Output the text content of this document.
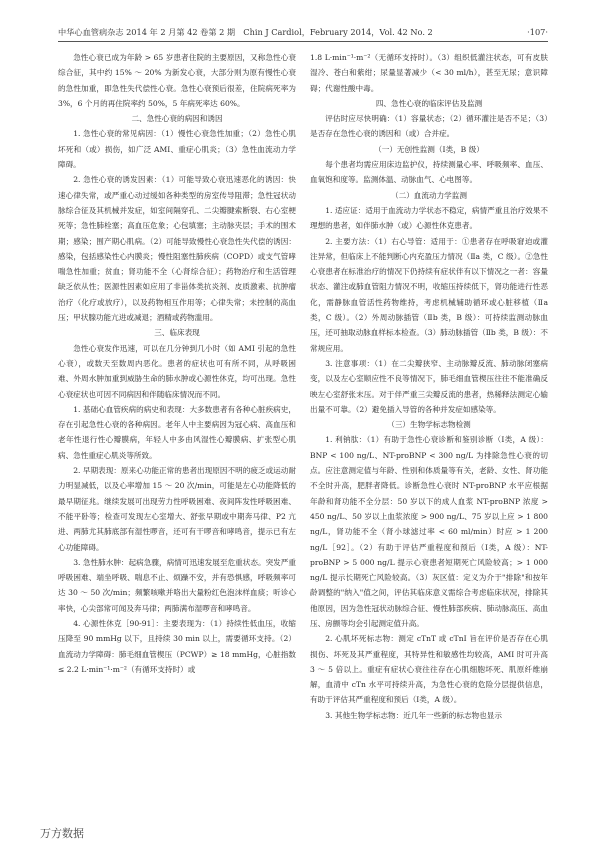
中华心血管病杂志 2014 年 2 月第 42 卷第 2 期　Chin J Cardiol，February 2014，Vol. 42 No. 2	·107·

急性心衰已成为年龄 > 65 岁患者住院的主要原因，又称急性心衰综合征，其中约 15% ～ 20% 为新发心衰，大部分则为原有慢性心衰的急性加重，即急性失代偿性心衰。急性心衰预后很差，住院病死率为 3%，6 个月的再住院率约 50%，5 年病死率达 60%。

二、急性心衰的病因和诱因

1. 急性心衰的常见病因：（1）慢性心衰急性加重；（2）急性心肌坏死和（或）损伤，如广泛 AMI、重症心肌炎；（3）急性血流动力学障碍。

2. 急性心衰的诱发因素：（1）可能导致心衰迅速恶化的诱因：快速心律失常，或严重心动过缓如各种类型的房室传导阻滞；急性冠状动脉综合征及其机械并发症，如室间隔穿孔、二尖瓣腱索断裂、右心室梗死等；急性肺栓塞；高血压危象；心包填塞；主动脉夹层；手术的围术期；感染；围产期心肌病。（2）可能导致慢性心衰急性失代偿的诱因：感染，包括感染性心内膜炎；慢性阻塞性肺疾病（COPD）或支气管哮喘急性加重；贫血；肾功能不全（心肾综合征）；药物治疗和生活管理缺乏依从性；医源性因素如应用了非甾体类抗炎剂、皮质激素、抗肿瘤治疗（化疗或放疗），以及药物相互作用等；心律失常；未控制的高血压；甲状腺功能亢进或减退；酒精或药物滥用。

三、临床表现

急性心衰发作迅速，可以在几分钟到几小时（如 AMI 引起的急性心衰），或数天至数周内恶化。患者的症状也可有所不同，从呼吸困难、外周水肿加重到威胁生命的肺水肿或心源性休克，均可出现。急性心衰症状也可因不同病因和伴随临床情况而不同。

1. 基础心血管疾病的病史和表现：大多数患者有各种心脏疾病史，存在引起急性心衰的各种病因。老年人中主要病因为冠心病、高血压和老年性退行性心瓣膜病，年轻人中多由风湿性心瓣膜病、扩张型心肌病、急性重症心肌炎等所致。

2. 早期表现：原来心功能正常的患者出现原因不明的疲乏或运动耐力明显减低，以及心率增加 15 ～ 20 次/min，可能是左心功能降低的最早期征兆。继续发展可出现劳力性呼吸困难、夜间阵发性呼吸困难、不能平卧等；检查可发现左心室增大、舒张早期或中期奔马律、P2 亢进、两肺尤其肺底部有湿性啰音，还可有干啰音和哮鸣音，提示已有左心功能障碍。

3. 急性肺水肿：起病急骤，病情可迅速发展至危重状态。突发严重呼吸困难、端坐呼吸、喘息不止、烦躁不安，并有恐惧感，呼吸频率可达 30 ～ 50 次/min；频繁咳嗽并咯出大量粉红色泡沫样血痰；听诊心率快，心尖部常可闻及奔马律；两肺满布湿啰音和哮鸣音。

4. 心源性休克［90-91］：主要表现为：（1）持续性低血压，收缩压降至 90 mmHg 以下，且持续 30 min 以上，需要循环支持。（2）血流动力学障碍：肺毛细血管楔压（PCWP）≥ 18 mmHg，心脏指数 ≤ 2.2 L·min⁻¹·m⁻²（有循环支持时）或

1.8 L·min⁻¹·m⁻²（无循环支持时）。（3）组织低灌注状态，可有皮肤湿冷、苍白和紫绀；尿量显著减少（< 30 ml/h），甚至无尿；意识障碍；代谢性酸中毒。

四、急性心衰的临床评估及监测

评估时应尽快明确：（1）容量状态；（2）循环灌注是否不足；（3）是否存在急性心衰的诱因和（或）合并症。

（一）无创性监测（Ⅰ类，B 级）

每个患者均需应用床边监护仪，持续测量心率、呼吸频率、血压、血氧饱和度等。监测体温、动脉血气、心电图等。

（二）血流动力学监测

1. 适应证：适用于血流动力学状态不稳定，病情严重且治疗效果不理想的患者，如伴肺水肿（或）心源性休克患者。

2. 主要方法：（1）右心导管：适用于：①患者存在呼吸窘迫或灌注异常，但临床上不能判断心内充盈压力情况（Ⅱa 类，C 级）。②急性心衰患者在标准治疗的情况下仍持续有症状伴有以下情况之一者：容量状态、灌注或肺血管阻力情况不明，收缩压持续低下，肾功能进行性恶化，需静脉血管活性药物维持，考虑机械辅助循环或心脏移植（Ⅱa 类，C 级）。（2）外周动脉插管（Ⅱb 类，B 级）：可持续监测动脉血压，还可抽取动脉血样标本检查。（3）肺动脉插管（Ⅱb 类，B 级）：不常规应用。

3. 注意事项：（1）在二尖瓣狭窄、主动脉瓣反流、肺动脉闭塞病变，以及左心室顺应性不良等情况下，肺毛细血管楔压往往不能准确反映左心室舒张末压。对于伴严重三尖瓣反流的患者，热稀释法测定心输出量不可靠。（2）避免插入导管的各种并发症如感染等。

（三）生物学标志物检测

1. 利钠肽：（1）有助于急性心衰诊断和鉴别诊断（Ⅰ类，A 级）：BNP < 100 ng/L、NT-proBNP < 300 ng/L 为排除急性心衰的切点。应注意测定值与年龄、性别和体质量等有关，老龄、女性、肾功能不全时升高，肥胖者降低。诊断急性心衰时 NT-proBNP 水平应根据年龄和肾功能不全分层：50 岁以下的成人血浆 NT-proBNP 浓度 > 450 ng/L、50 岁以上血浆浓度 > 900 ng/L、75 岁以上应 > 1 800 ng/L，肾功能不全（肾小球滤过率 < 60 ml/min）时应 > 1 200 ng/L［92］。（2）有助于评估严重程度和预后（Ⅰ类，A 级）：NT-proBNP > 5 000 ng/L 提示心衰患者短期死亡风险较高；> 1 000 ng/L 提示长期死亡风险较高。（3）灰区值：定义为介于"排除"和按年龄调整的"纳入"值之间，评估其临床意义需综合考虑临床状况，排除其他原因，因为急性冠状动脉综合征、慢性肺部疾病、肺动脉高压、高血压、房颤等均会引起测定值升高。

2. 心肌坏死标志物：测定 cTnT 或 cTnI 旨在评价是否存在心肌损伤、坏死及其严重程度，其特异性和敏感性均较高，AMI 时可升高 3 ～ 5 倍以上。重症有症状心衰往往存在心肌细胞坏死、肌原纤维崩解，血清中 cTn 水平可持续升高，为急性心衰的危险分层提供信息，有助于评估其严重程度和预后（Ⅰ类，A 级）。

3. 其他生物学标志物：近几年一些新的标志物也显示

万方数据
